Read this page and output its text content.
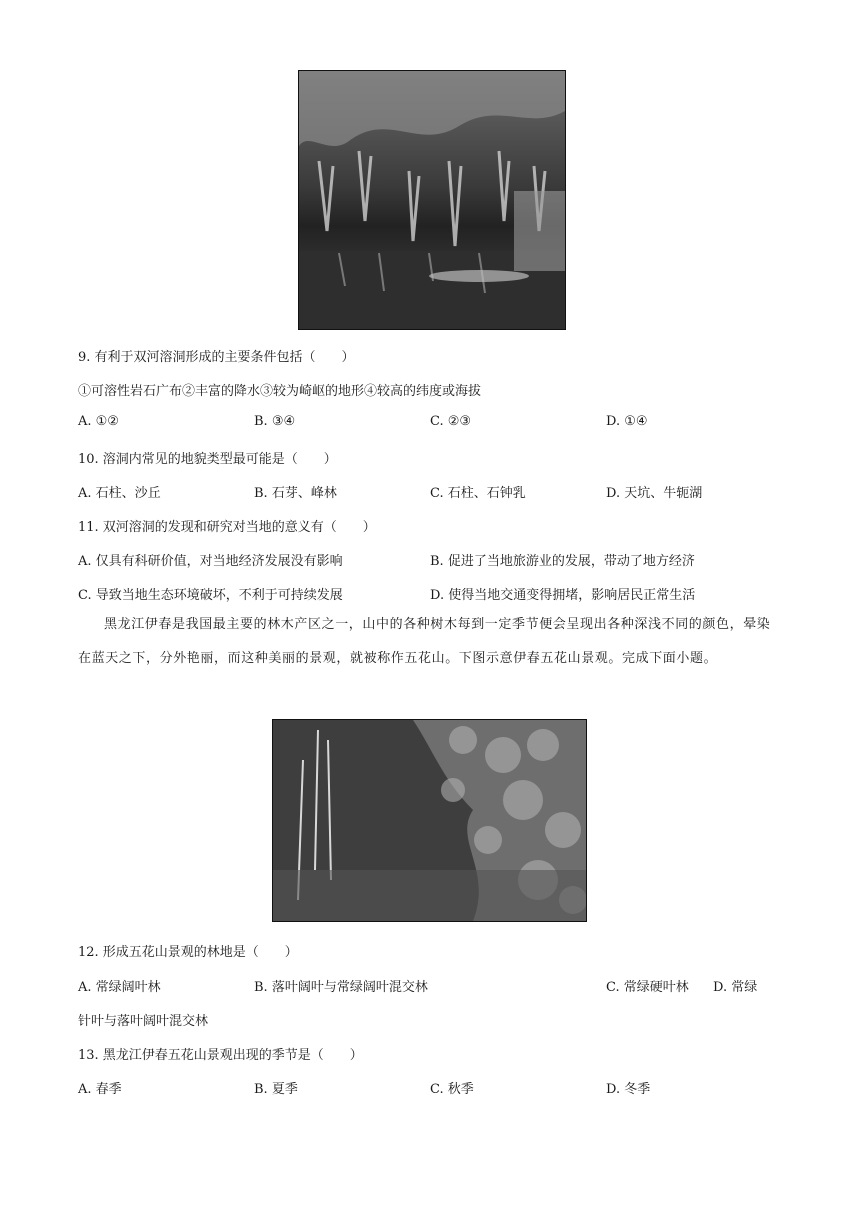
9. 有利于双河溶洞形成的主要条件包括（　　）
①可溶性岩石广布②丰富的降水③较为崎岖的地形④较高的纬度或海拔
A. ①②	B. ③④	C. ②③	D. ①④
10. 溶洞内常见的地貌类型最可能是（　　）
A. 石柱、沙丘	B. 石芽、峰林	C. 石柱、石钟乳	D. 天坑、牛轭湖
11. 双河溶洞的发现和研究对当地的意义有（　　）
A. 仅具有科研价值，对当地经济发展没有影响	B. 促进了当地旅游业的发展，带动了地方经济
C. 导致当地生态环境破坏，不利于可持续发展	D. 使得当地交通变得拥堵，影响居民正常生活
黑龙江伊春是我国最主要的林木产区之一，山中的各种树木每到一定季节便会呈现出各种深浅不同的颜色，晕染在蓝天之下，分外艳丽，而这种美丽的景观，就被称作五花山。下图示意伊春五花山景观。完成下面小题。
12. 形成五花山景观的林地是（　　）
A. 常绿阔叶林	B. 落叶阔叶与常绿阔叶混交林	C. 常绿硬叶林 D. 常绿
针叶与落叶阔叶混交林
13. 黑龙江伊春五花山景观出现的季节是（　　）
A. 春季	B. 夏季	C. 秋季	D. 冬季
